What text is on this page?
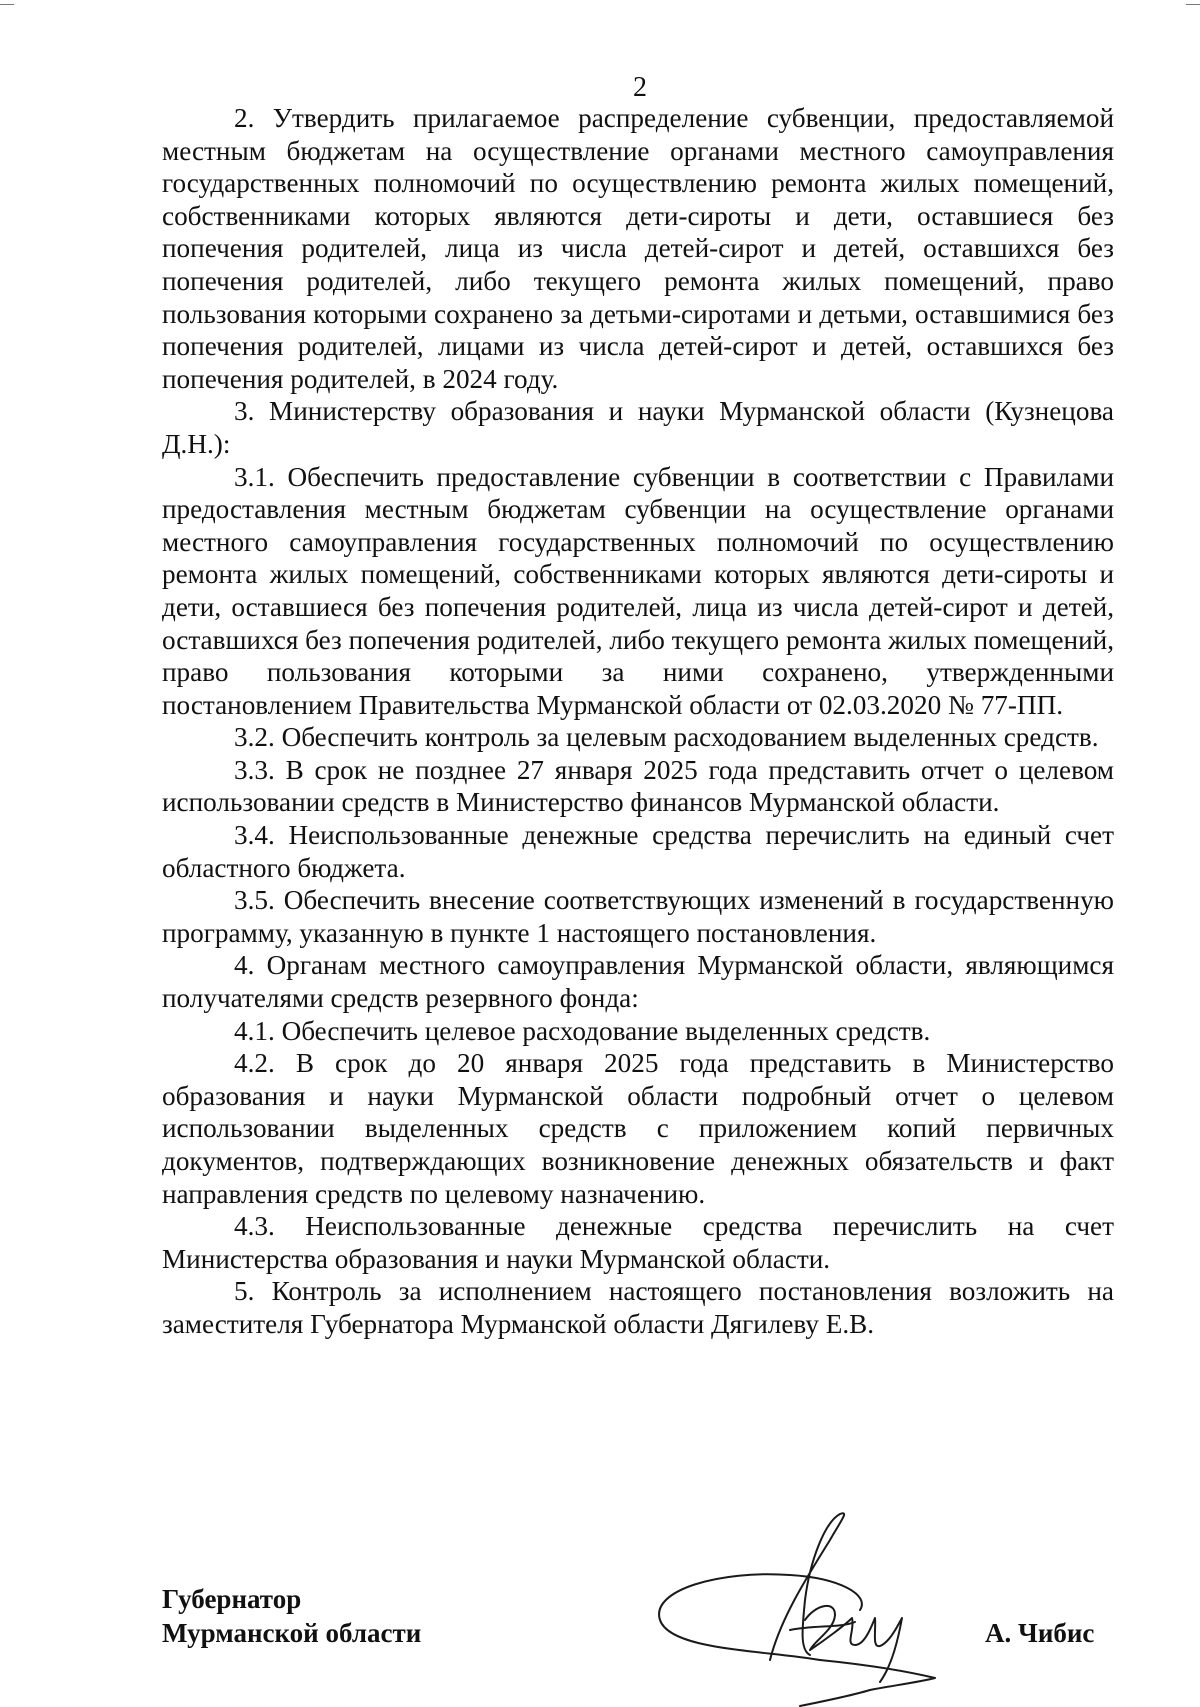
2

2. Утвердить прилагаемое распределение субвенции, предоставляемой местным бюджетам на осуществление органами местного самоуправления государственных полномочий по осуществлению ремонта жилых помещений, собственниками которых являются дети-сироты и дети, оставшиеся без попечения родителей, лица из числа детей-сирот и детей, оставшихся без попечения родителей, либо текущего ремонта жилых помещений, право пользования которыми сохранено за детьми-сиротами и детьми, оставшимися без попечения родителей, лицами из числа детей-сирот и детей, оставшихся без попечения родителей, в 2024 году.

3. Министерству образования и науки Мурманской области (Кузнецова Д.Н.):

3.1. Обеспечить предоставление субвенции в соответствии с Правилами предоставления местным бюджетам субвенции на осуществление органами местного самоуправления государственных полномочий по осуществлению ремонта жилых помещений, собственниками которых являются дети-сироты и дети, оставшиеся без попечения родителей, лица из числа детей-сирот и детей, оставшихся без попечения родителей, либо текущего ремонта жилых помещений, право пользования которыми за ними сохранено, утвержденными постановлением Правительства Мурманской области от 02.03.2020 № 77-ПП.

3.2. Обеспечить контроль за целевым расходованием выделенных средств.

3.3. В срок не позднее 27 января 2025 года представить отчет о целевом использовании средств в Министерство финансов Мурманской области.

3.4. Неиспользованные денежные средства перечислить на единый счет областного бюджета.

3.5. Обеспечить внесение соответствующих изменений в государственную программу, указанную в пункте 1 настоящего постановления.

4. Органам местного самоуправления Мурманской области, являющимся получателями средств резервного фонда:

4.1. Обеспечить целевое расходование выделенных средств.

4.2. В срок до 20 января 2025 года представить в Министерство образования и науки Мурманской области подробный отчет о целевом использовании выделенных средств с приложением копий первичных документов, подтверждающих возникновение денежных обязательств и факт направления средств по целевому назначению.

4.3. Неиспользованные денежные средства перечислить на счет Министерства образования и науки Мурманской области.

5. Контроль за исполнением настоящего постановления возложить на заместителя Губернатора Мурманской области Дягилеву Е.В.

Губернатор
Мурманской области	А. Чибис
